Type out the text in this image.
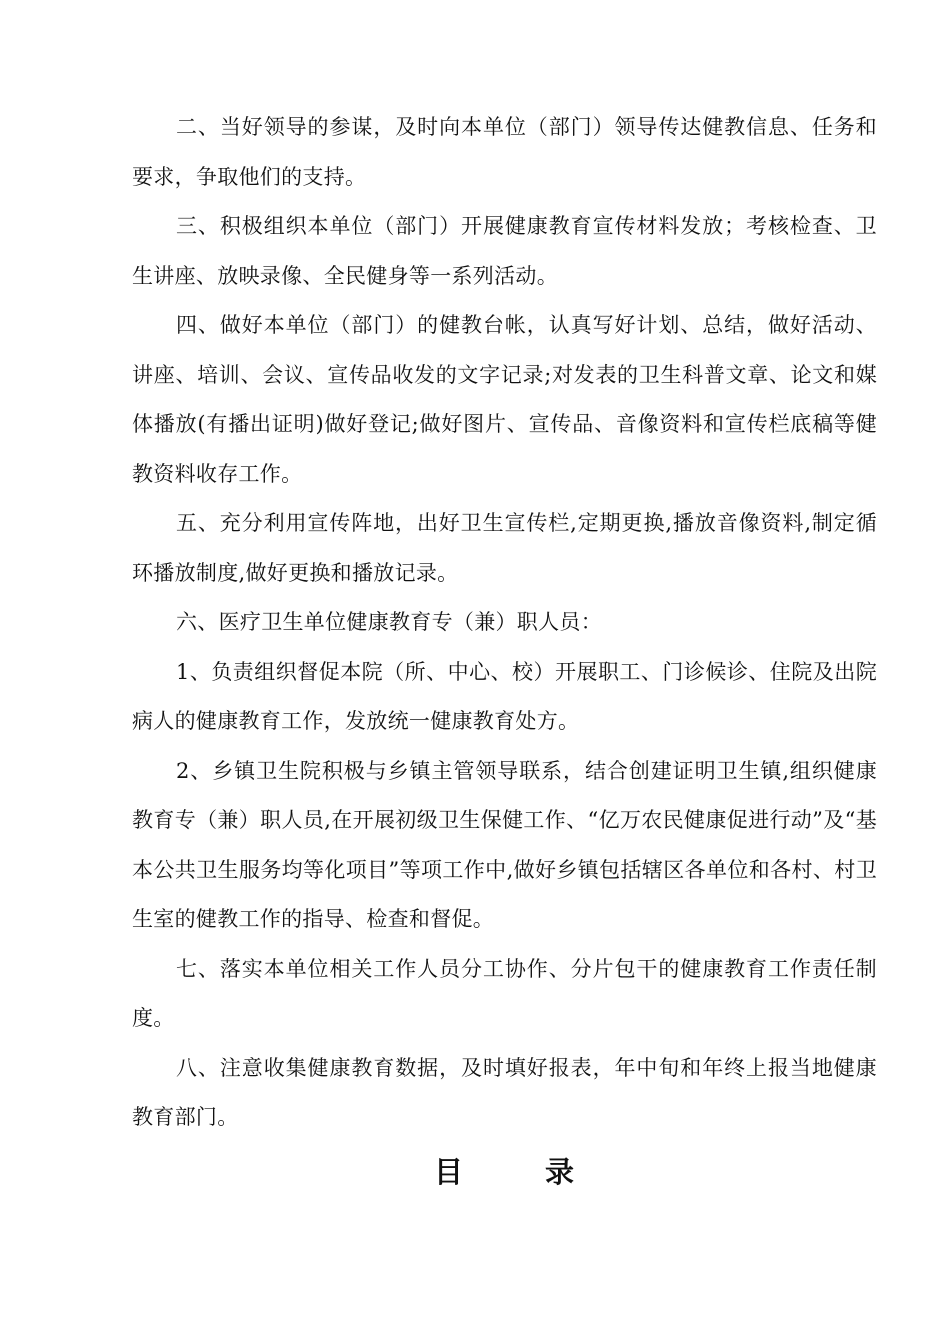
二、当好领导的参谋，及时向本单位（部门）领导传达健教信息、任务和要求，争取他们的支持。

三、积极组织本单位（部门）开展健康教育宣传材料发放；考核检查、卫生讲座、放映录像、全民健身等一系列活动。

四、做好本单位（部门）的健教台帐，认真写好计划、总结，做好活动、讲座、培训、会议、宣传品收发的文字记录;对发表的卫生科普文章、论文和媒体播放(有播出证明)做好登记;做好图片、宣传品、音像资料和宣传栏底稿等健教资料收存工作。

五、充分利用宣传阵地，出好卫生宣传栏,定期更换,播放音像资料,制定循环播放制度,做好更换和播放记录。

六、医疗卫生单位健康教育专（兼）职人员：

1、负责组织督促本院（所、中心、校）开展职工、门诊候诊、住院及出院病人的健康教育工作，发放统一健康教育处方。

2、乡镇卫生院积极与乡镇主管领导联系，结合创建证明卫生镇,组织健康教育专（兼）职人员,在开展初级卫生保健工作、“亿万农民健康促进行动”及“基本公共卫生服务均等化项目”等项工作中,做好乡镇包括辖区各单位和各村、村卫生室的健教工作的指导、检查和督促。

七、落实本单位相关工作人员分工协作、分片包干的健康教育工作责任制度。

八、注意收集健康教育数据，及时填好报表，年中旬和年终上报当地健康教育部门。

目	录
